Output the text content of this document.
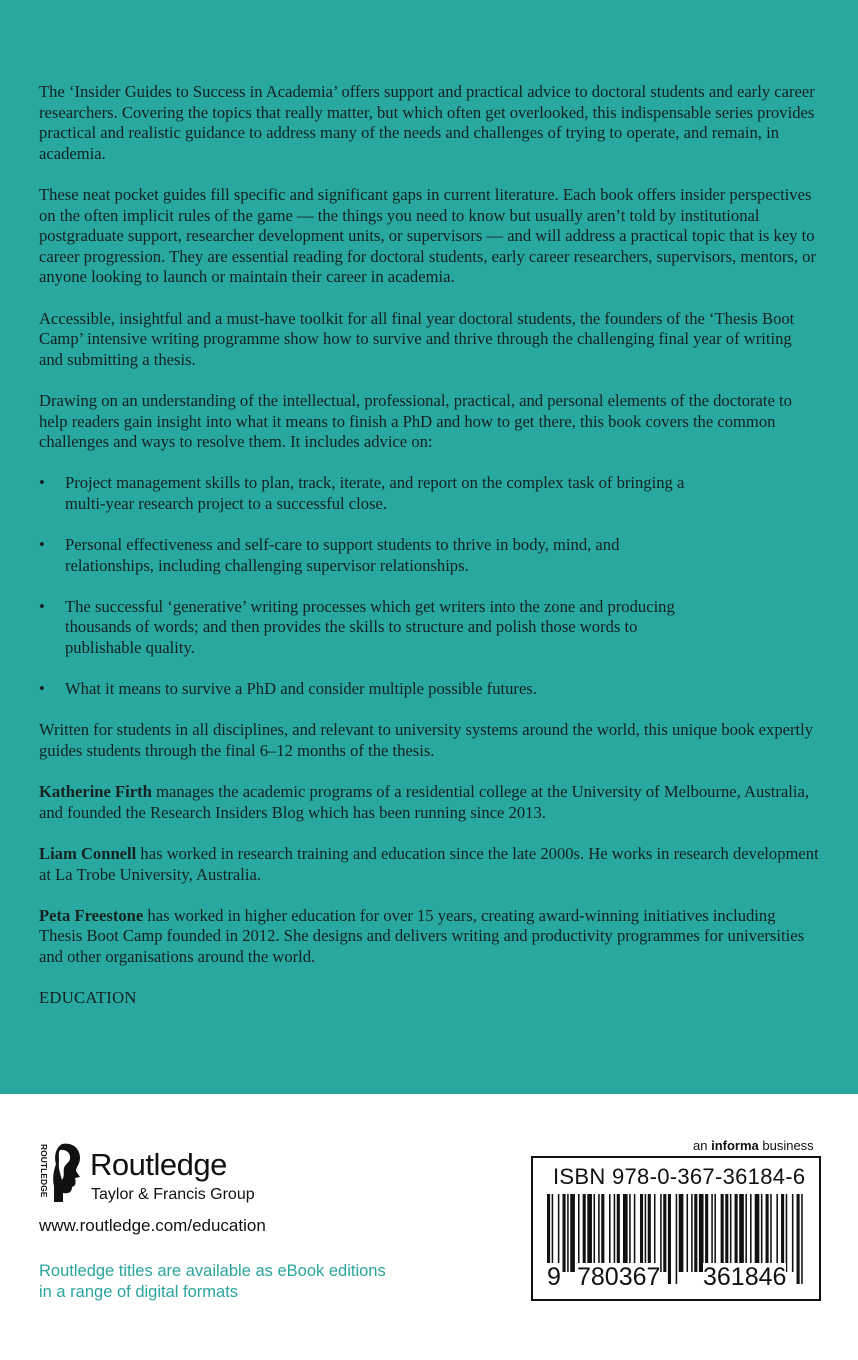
The ‘Insider Guides to Success in Academia’ offers support and practical advice to doctoral students and early career researchers. Covering the topics that really matter, but which often get overlooked, this indispensable series provides practical and realistic guidance to address many of the needs and challenges of trying to operate, and remain, in academia.

These neat pocket guides fill specific and significant gaps in current literature. Each book offers insider perspectives on the often implicit rules of the game — the things you need to know but usually aren’t told by institutional postgraduate support, researcher development units, or supervisors — and will address a practical topic that is key to career progression. They are essential reading for doctoral students, early career researchers, supervisors, mentors, or anyone looking to launch or maintain their career in academia.

Accessible, insightful and a must-have toolkit for all final year doctoral students, the founders of the ‘Thesis Boot Camp’ intensive writing programme show how to survive and thrive through the challenging final year of writing and submitting a thesis.

Drawing on an understanding of the intellectual, professional, practical, and personal elements of the doctorate to help readers gain insight into what it means to finish a PhD and how to get there, this book covers the common challenges and ways to resolve them. It includes advice on:

• Project management skills to plan, track, iterate, and report on the complex task of bringing a multi-year research project to a successful close.
• Personal effectiveness and self-care to support students to thrive in body, mind, and relationships, including challenging supervisor relationships.
• The successful ‘generative’ writing processes which get writers into the zone and producing thousands of words; and then provides the skills to structure and polish those words to publishable quality.
• What it means to survive a PhD and consider multiple possible futures.

Written for students in all disciplines, and relevant to university systems around the world, this unique book expertly guides students through the final 6–12 months of the thesis.

Katherine Firth manages the academic programs of a residential college at the University of Melbourne, Australia, and founded the Research Insiders Blog which has been running since 2013.

Liam Connell has worked in research training and education since the late 2000s. He works in research development at La Trobe University, Australia.

Peta Freestone has worked in higher education for over 15 years, creating award-winning initiatives including Thesis Boot Camp founded in 2012. She designs and delivers writing and productivity programmes for universities and other organisations around the world.

EDUCATION

ROUTLEDGE Routledge
Taylor & Francis Group
www.routledge.com/education
Routledge titles are available as eBook editions
in a range of digital formats
an informa business
ISBN 978-0-367-36184-6
9 780367 361846
